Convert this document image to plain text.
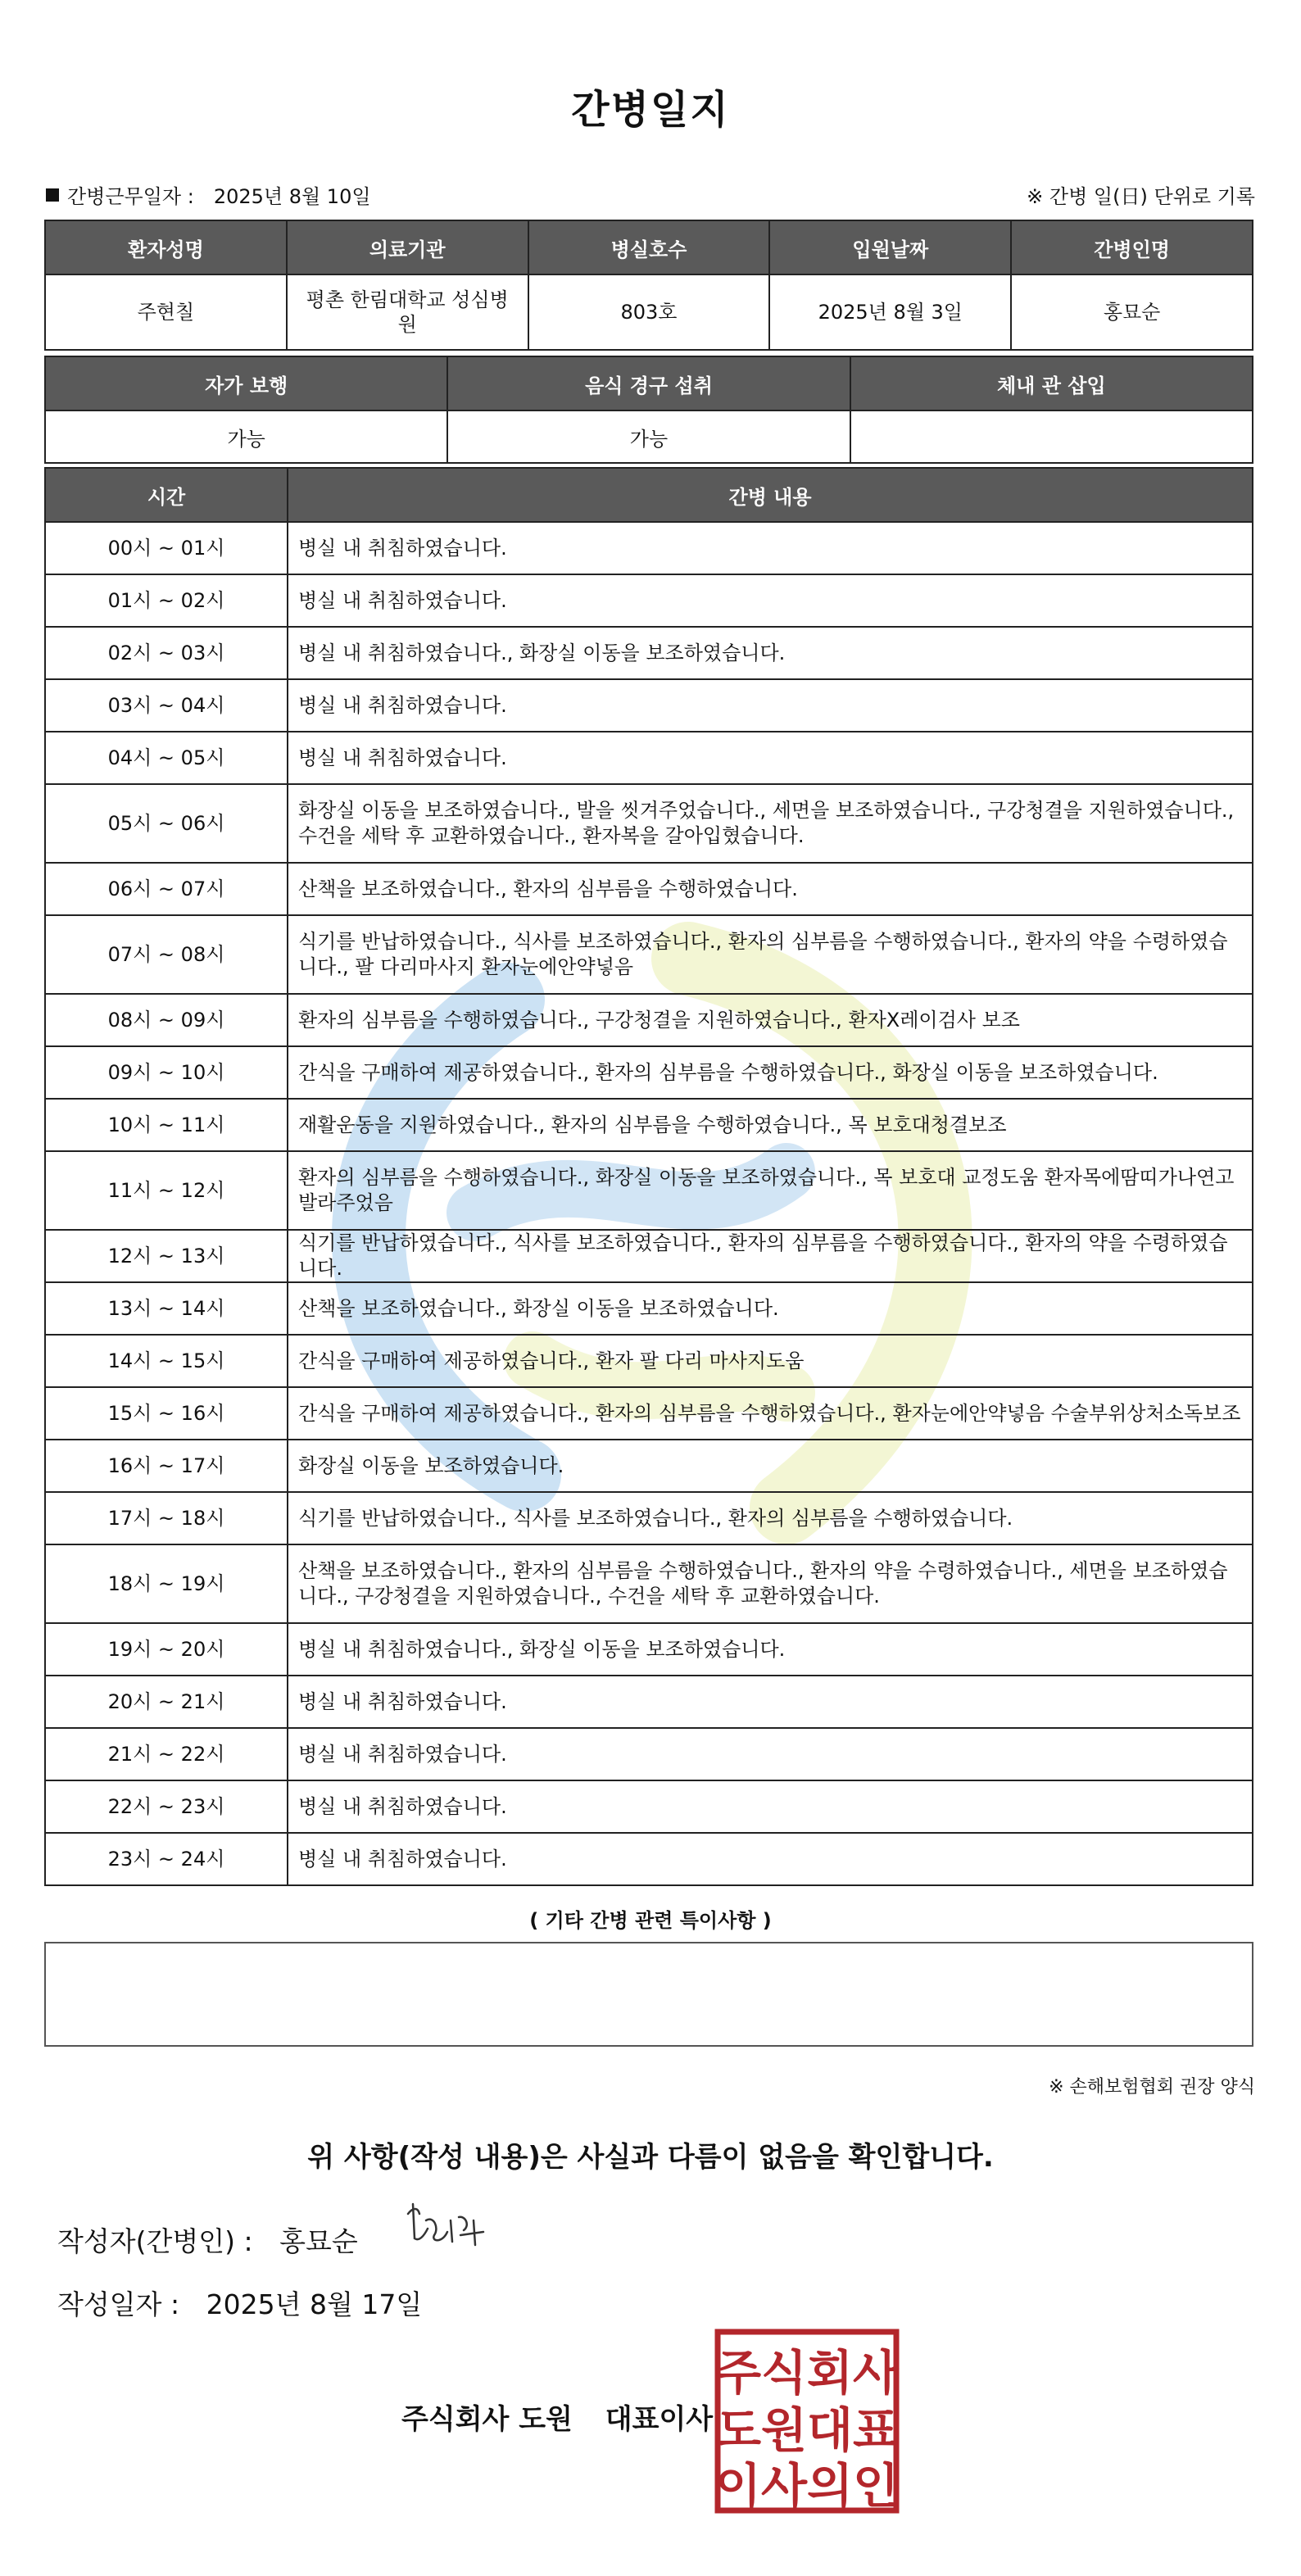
간병일지
간병근무일자 : 2025년 8월 10일	※ 간병 일(日) 단위로 기록
환자성명	의료기관	병실호수	입원날짜	간병인명
주현칠	평촌 한림대학교 성심병원	803호	2025년 8월 3일	홍묘순
자가 보행	음식 경구 섭취	체내 관 삽입
가능	가능	
시간	간병 내용
00시 ~ 01시	병실 내 취침하였습니다.
01시 ~ 02시	병실 내 취침하였습니다.
02시 ~ 03시	병실 내 취침하였습니다., 화장실 이동을 보조하였습니다.
03시 ~ 04시	병실 내 취침하였습니다.
04시 ~ 05시	병실 내 취침하였습니다.
05시 ~ 06시	화장실 이동을 보조하였습니다., 발을 씻겨주었습니다., 세면을 보조하였습니다., 구강청결을 지원하였습니다., 수건을 세탁 후 교환하였습니다., 환자복을 갈아입혔습니다.
06시 ~ 07시	산책을 보조하였습니다., 환자의 심부름을 수행하였습니다.
07시 ~ 08시	식기를 반납하였습니다., 식사를 보조하였습니다., 환자의 심부름을 수행하였습니다., 환자의 약을 수령하였습니다., 팔 다리마사지 환자눈에안약넣음
08시 ~ 09시	환자의 심부름을 수행하였습니다., 구강청결을 지원하였습니다., 환자X레이검사 보조
09시 ~ 10시	간식을 구매하여 제공하였습니다., 환자의 심부름을 수행하였습니다., 화장실 이동을 보조하였습니다.
10시 ~ 11시	재활운동을 지원하였습니다., 환자의 심부름을 수행하였습니다., 목 보호대청결보조
11시 ~ 12시	환자의 심부름을 수행하였습니다., 화장실 이동을 보조하였습니다., 목 보호대 교정도움 환자목에땀띠가나연고발라주었음
12시 ~ 13시	식기를 반납하였습니다., 식사를 보조하였습니다., 환자의 심부름을 수행하였습니다., 환자의 약을 수령하였습니다.
13시 ~ 14시	산책을 보조하였습니다., 화장실 이동을 보조하였습니다.
14시 ~ 15시	간식을 구매하여 제공하였습니다., 환자 팔 다리 마사지도움
15시 ~ 16시	간식을 구매하여 제공하였습니다., 환자의 심부름을 수행하였습니다., 환자눈에안약넣음 수술부위상처소독보조
16시 ~ 17시	화장실 이동을 보조하였습니다.
17시 ~ 18시	식기를 반납하였습니다., 식사를 보조하였습니다., 환자의 심부름을 수행하였습니다.
18시 ~ 19시	산책을 보조하였습니다., 환자의 심부름을 수행하였습니다., 환자의 약을 수령하였습니다., 세면을 보조하였습니다., 구강청결을 지원하였습니다., 수건을 세탁 후 교환하였습니다.
19시 ~ 20시	병실 내 취침하였습니다., 화장실 이동을 보조하였습니다.
20시 ~ 21시	병실 내 취침하였습니다.
21시 ~ 22시	병실 내 취침하였습니다.
22시 ~ 23시	병실 내 취침하였습니다.
23시 ~ 24시	병실 내 취침하였습니다.
( 기타 간병 관련 특이사항 )
※ 손해보험협회 권장 양식
위 사항(작성 내용)은 사실과 다름이 없음을 확인합니다.
작성자(간병인) : 홍묘순
작성일자 : 2025년 8월 17일
주식회사 도원 대표이사
주식회사
도원대표
이사의인
